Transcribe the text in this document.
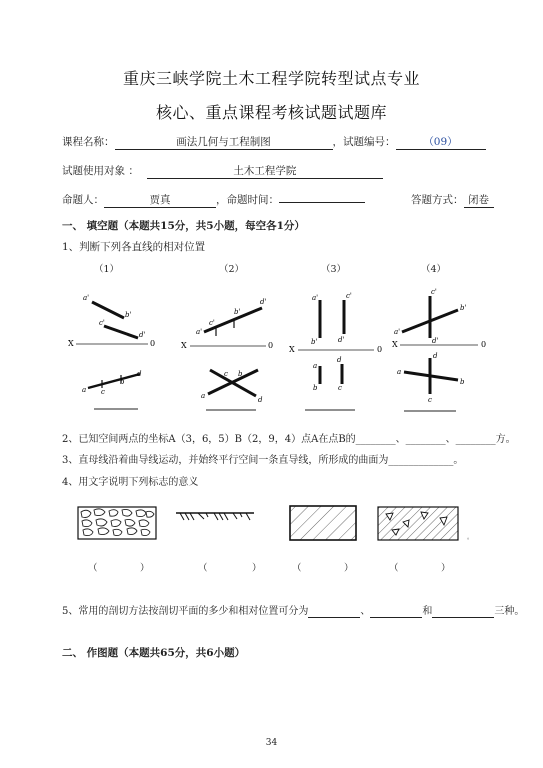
重庆三峡学院土木工程学院转型试点专业
核心、重点课程考核试题试题库
课程名称：	画法几何与工程制图	，试题编号：	（09）
试题使用对象 ：	土木工程学院
命题人：	贾真	，命题时间：	答题方式： 闭卷
一、 填空题（本题共15分，共5小题，每空各1分）
1、判断下列各直线的相对位置
（1）	（2）	（3）	（4）
X	0
a'
b'
c'
d'
a c
b
d
X	0
a'
c'
b'
d'
c b
a	d
X	0
a'	c'
b'	d'
a
d
b	c
X	0
c'
b'
a'
d'
d
a
b
c
2、已知空间两点的坐标A（3，6，5）B（2，9，4）点A在点B的________、________、________方。
3、直母线沿着曲导线运动，并始终平行空间一条直导线，所形成的曲面为_____________。
4、用文字说明下列标志的意义
。
（	）	（	）	（	）	（	）
5、常用的剖切方法按剖切平面的多少和相对位置可分为	、	和	三种。
二、 作图题（本题共65分，共6小题）
34
